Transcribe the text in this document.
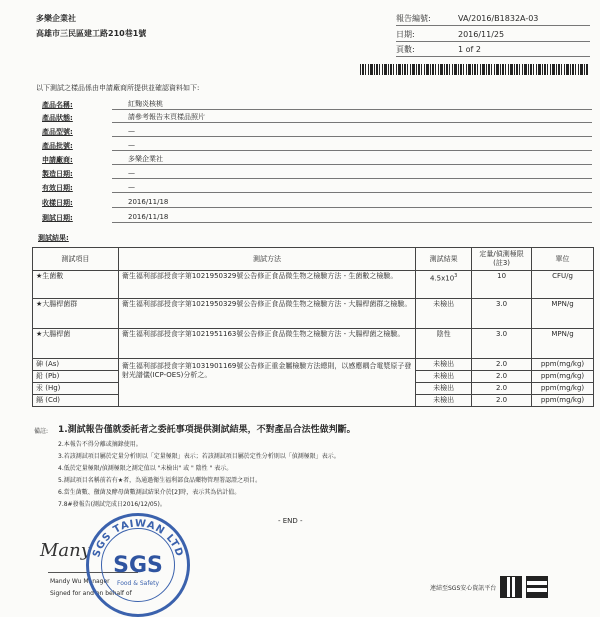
多樂企業社
高雄市三民區建工路210巷1號
報告編號:	VA/2016/B1832A-03
日期:	2016/11/25
頁數:	1 of 2
以下測試之樣品係由申請廠商所提供並確認資料如下:
產品名稱:	紅麴炎核桃
產品狀態:	請參考報告末頁樣品照片
產品型號:	—
產品批號:	—
申請廠商:	多樂企業社
製造日期:	—
有效日期:	—
收樣日期:	2016/11/18
測試日期:	2016/11/18
測試結果:
測試項目	測試方法	測試結果	定量/偵測極限(註3)	單位
★生菌數	衛生福利部部授食字第1021950329號公告修正食品微生物之檢驗方法 - 生菌數之檢驗。	$4.5x10^3$	10	CFU/g
★大腸桿菌群	衛生福利部部授食字第1021950329號公告修正食品微生物之檢驗方法 - 大腸桿菌群之檢驗。	未檢出	3.0	MPN/g
★大腸桿菌	衛生福利部部授食字第1021951163號公告修正食品微生物之檢驗方法 - 大腸桿菌之檢驗。	陰性	3.0	MPN/g
砷 (As)	衛生福利部部授食字第1031901169號公告修正重金屬檢驗方法總則，以感應耦合電漿原子發射光譜儀(ICP-OES)分析之。	未檢出	2.0	ppm(mg/kg)
鉛 (Pb)		未檢出	2.0	ppm(mg/kg)
汞 (Hg)		未檢出	2.0	ppm(mg/kg)
鎘 (Cd)		未檢出	2.0	ppm(mg/kg)
備註: 1.測試報告僅就委託者之委託事項提供測試結果，不對產品合法性做判斷。
2.本報告不得分離或摘錄使用。
3.若該測試項目屬於定量分析則以「定量極限」表示；若該測試項目屬於定性分析則以「偵測極限」表示。
4.低於定量極限/偵測極限之測定值以 "未檢出" 或 " 陰性 " 表示。
5.測試項目名稱前若有★者，為通過衛生福利部食品藥物管理署認證之項目。
6.當生菌數、黴菌及酵母菌數測試結果介於[2]時，表示其為估計值。
7.8#發報告(測試完成日2016/12/05)。
- END -
Many
Mandy Wu Manager
Signed for and on behalf of
SGS TAIWAN LTD
SGS
Food & Safety
連結至SGS安心資訊平台
